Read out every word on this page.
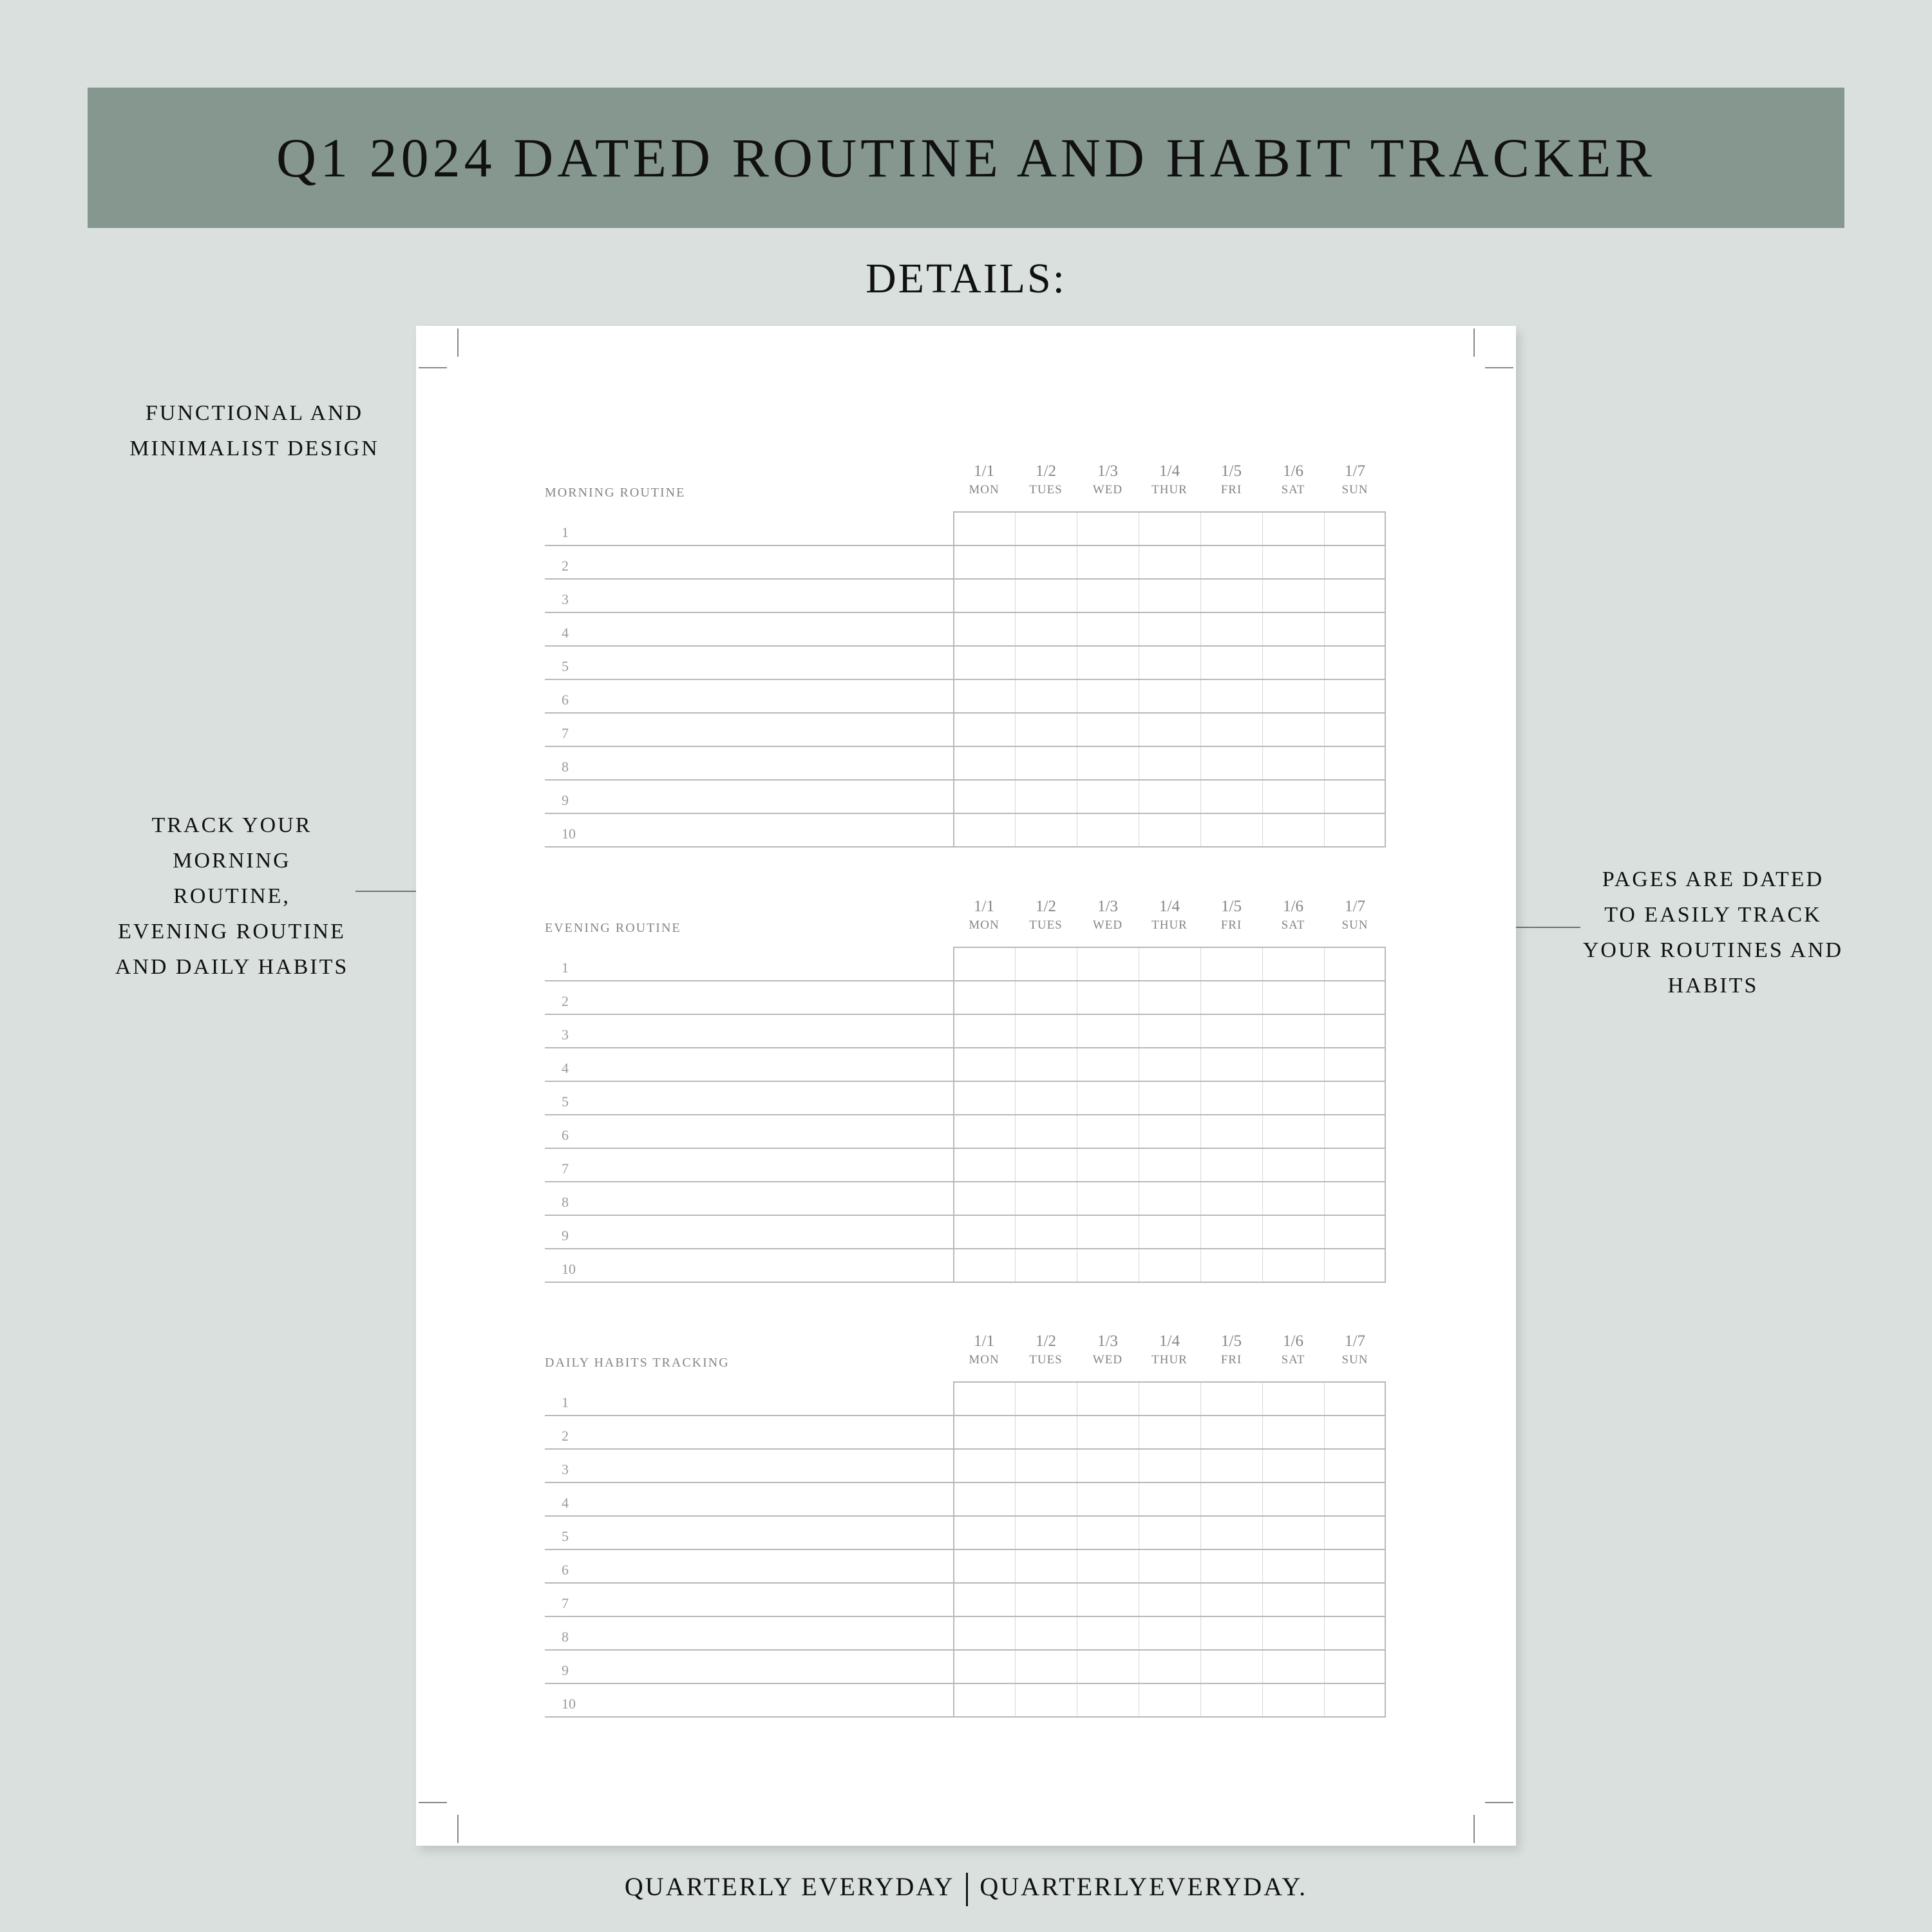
Q1 2024 DATED ROUTINE AND HABIT TRACKER
DETAILS:
FUNCTIONAL AND
MINIMALIST DESIGN
TRACK YOUR
MORNING
ROUTINE,
EVENING ROUTINE
AND DAILY HABITS
PAGES ARE DATED
TO EASILY TRACK
YOUR ROUTINES AND
HABITS
MORNING ROUTINE
1/1
MON
1/2
TUES
1/3
WED
1/4
THUR
1/5
FRI
1/6
SAT
1/7
SUN
1
2
3
4
5
6
7
8
9
10
EVENING ROUTINE
1/1
MON
1/2
TUES
1/3
WED
1/4
THUR
1/5
FRI
1/6
SAT
1/7
SUN
1
2
3
4
5
6
7
8
9
10
DAILY HABITS TRACKING
1/1
MON
1/2
TUES
1/3
WED
1/4
THUR
1/5
FRI
1/6
SAT
1/7
SUN
1
2
3
4
5
6
7
8
9
10
QUARTERLY EVERYDAY QUARTERLYEVERYDAY.
